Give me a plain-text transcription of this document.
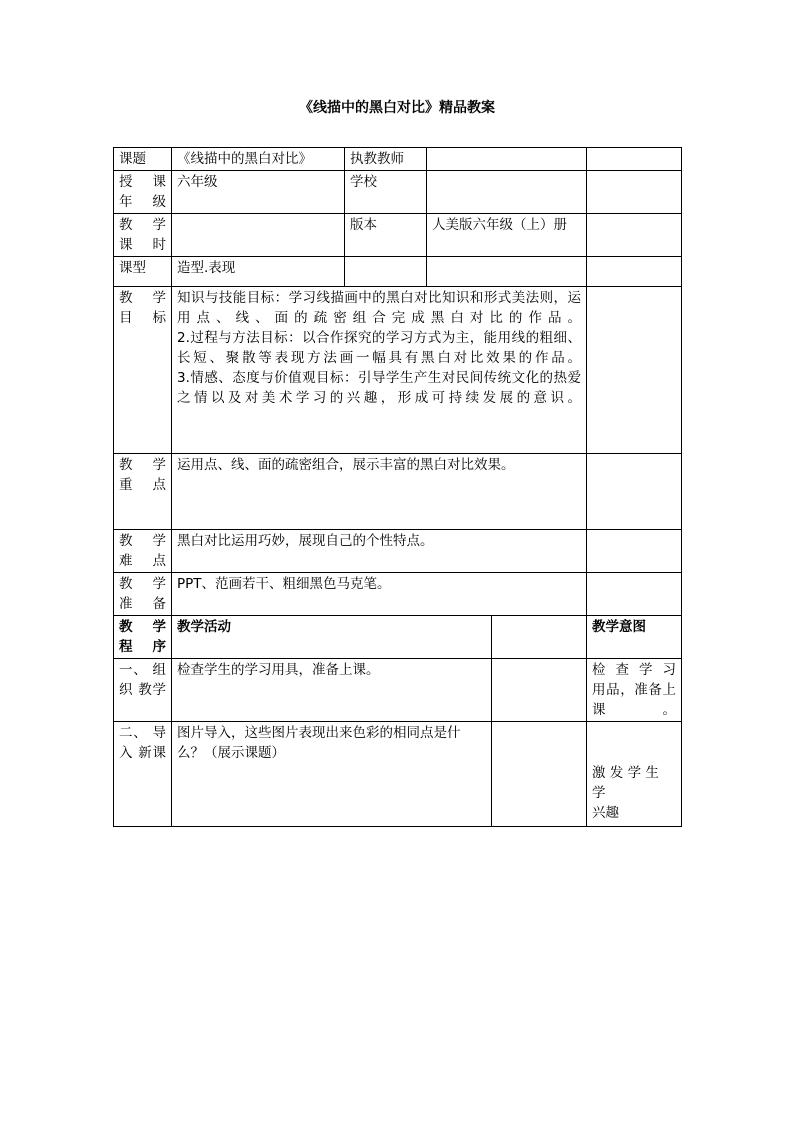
《线描中的黑白对比》精品教案
课题	《线描中的黑白对比》	执教教师			
授 课 年级	六年级	学校			
教 学 课 时		版本	人美版六年级（上）册		
课型	造型.表现				
教 学 目标	知识与技能目标：学习线描画中的黑白对比知识和形式美法则，运用点、线、面的疏密组合完成黑白对比的作品。
2.过程与方法目标：以合作探究的学习方式为主，能用线的粗细、长短、聚散等表现方法画一幅具有黑白对比效果的作品。
3.情感、态度与价值观目标：引导学生产生对民间传统文化的热爱之情以及对美术学习的兴趣，形成可持续发展的意识。				

教 学 重点	运用点、线、面的疏密组合，展示丰富的黑白对比效果。				
教 学 难点	黑白对比运用巧妙，展现自己的个性特点。				
教 学 准备	PPT、范画若干、粗细黑色马克笔。				
教 学 程序	教学活动				教学意图
一、 组 织 教学	检查学生的学习用具，准备上课。				检 查 学 习 用品，准备上课。
二、 导 入 新课	图片导入，这些图片表现出来色彩的相同点是什么？（展示课题）				激 发 学 生 学
兴趣
